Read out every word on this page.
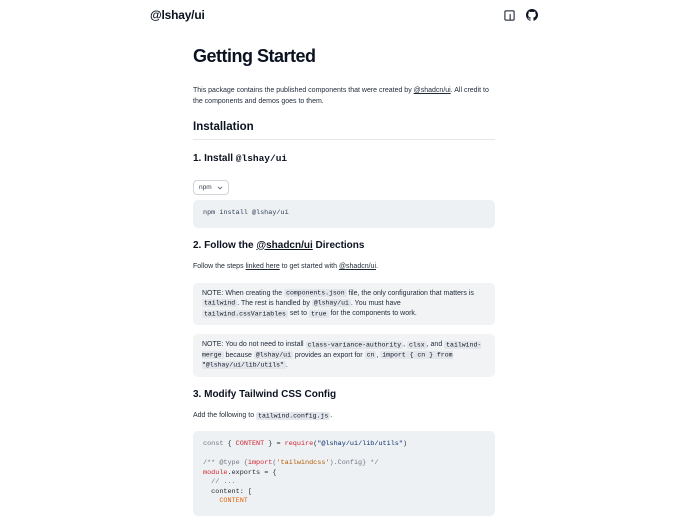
@lshay/ui
Getting Started

This package contains the published components that were created by @shadcn/ui. All credit to the components and demos goes to them.

Installation
1. Install @lshay/ui
npm
npm install @lshay/ui
2. Follow the @shadcn/ui Directions

Follow the steps linked here to get started with @shadcn/ui.

NOTE: When creating the components.json file, the only configuration that matters is tailwind . The rest is handled by @lshay/ui . You must have tailwind.cssVariables set to true for the components to work.
NOTE: You do not need to install class-variance-authority , clsx , and tailwind-merge because @lshay/ui provides an export for cn , import { cn } from "@lshay/ui/lib/utils" .
3. Modify Tailwind CSS Config

Add the following to tailwind.config.js .

const { CONTENT } = require("@lshay/ui/lib/utils")

/** @type {import('tailwindcss').Config} */
module.exports = {
// ...
content: [
CONTENT
